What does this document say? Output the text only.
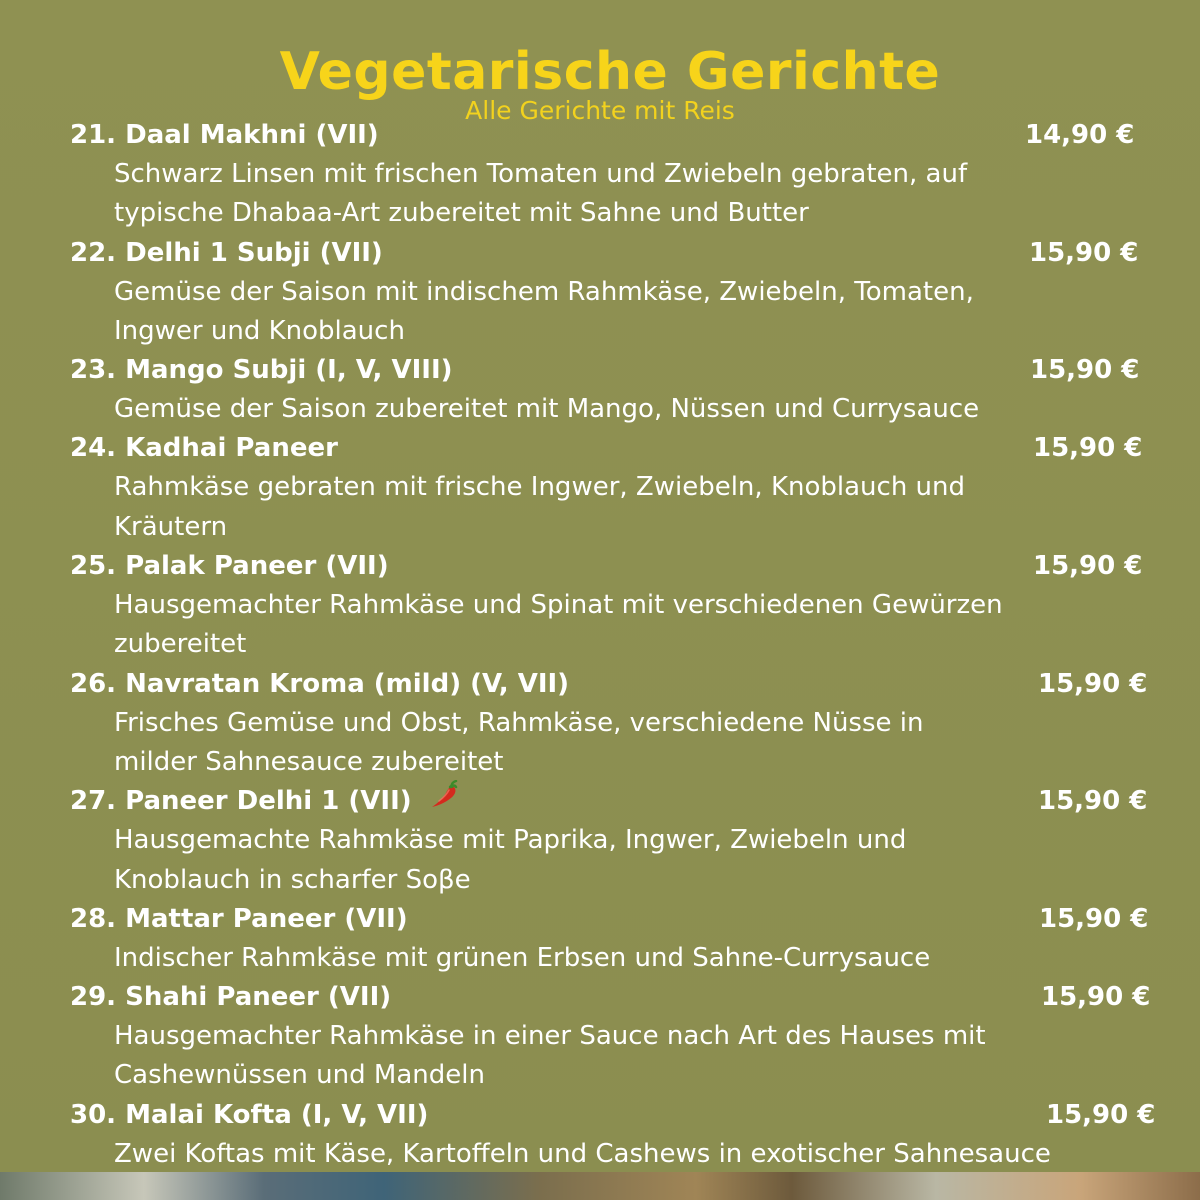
Vegetarische Gerichte
Alle Gerichte mit Reis
21. Daal Makhni (VII)	14,90 €
Schwarz Linsen mit frischen Tomaten und Zwiebeln gebraten, auf typische Dhabaa-Art zubereitet mit Sahne und Butter
22. Delhi 1 Subji (VII)	15,90 €
Gemüse der Saison mit indischem Rahmkäse, Zwiebeln, Tomaten, Ingwer und Knoblauch
23. Mango Subji (I, V, VIII)	15,90 €
Gemüse der Saison zubereitet mit Mango, Nüssen und Currysauce
24. Kadhai Paneer	15,90 €
Rahmkäse gebraten mit frische Ingwer, Zwiebeln, Knoblauch und Kräutern
25. Palak Paneer (VII)	15,90 €
Hausgemachter Rahmkäse und Spinat mit verschiedenen Gewürzen zubereitet
26. Navratan Kroma (mild) (V, VII)	15,90 €
Frisches Gemüse und Obst, Rahmkäse, verschiedene Nüsse in milder Sahnesauce zubereitet
27. Paneer Delhi 1 (VII)	15,90 €
Hausgemachte Rahmkäse mit Paprika, Ingwer, Zwiebeln und Knoblauch in scharfer Soβe
28. Mattar Paneer (VII)	15,90 €
Indischer Rahmkäse mit grünen Erbsen und Sahne-Currysauce
29. Shahi Paneer (VII)	15,90 €
Hausgemachter Rahmkäse in einer Sauce nach Art des Hauses mit Cashewnüssen und Mandeln
30. Malai Kofta (I, V, VII)	15,90 €
Zwei Koftas mit Käse, Kartoffeln und Cashews in exotischer Sahnesauce
